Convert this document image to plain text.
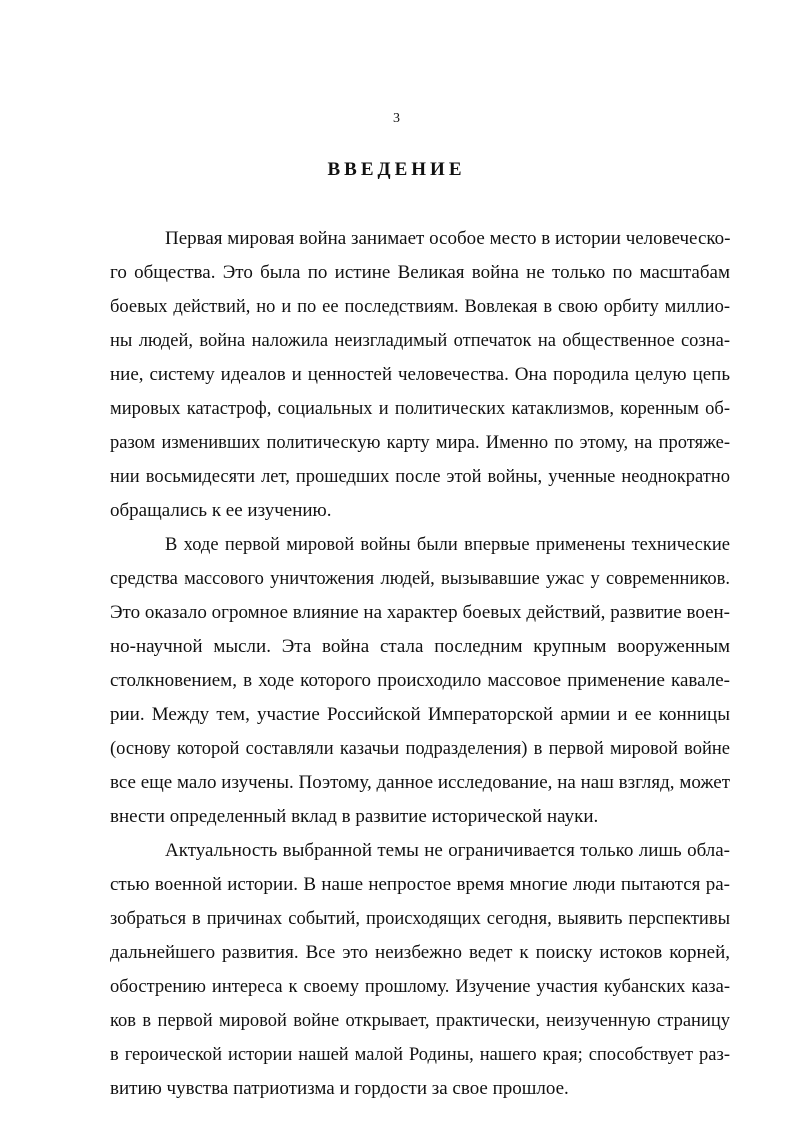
3
ВВЕДЕНИЕ
Первая мировая война занимает особое место в истории человеческо-
го общества. Это была по истине Великая война не только по масштабам
боевых действий, но и по ее последствиям. Вовлекая в свою орбиту миллио-
ны людей, война наложила неизгладимый отпечаток на общественное созна-
ние, систему идеалов и ценностей человечества. Она породила целую цепь
мировых катастроф, социальных и политических катаклизмов, коренным об-
разом изменивших политическую карту мира. Именно по этому, на протяже-
нии восьмидесяти лет, прошедших после этой войны, ученные неоднократно
обращались к ее изучению.
В ходе первой мировой войны были впервые применены технические
средства массового уничтожения людей, вызывавшие ужас у современников.
Это оказало огромное влияние на характер боевых действий, развитие воен-
но-научной мысли. Эта война стала последним крупным вооруженным
столкновением, в ходе которого происходило массовое применение кавале-
рии. Между тем, участие Российской Императорской армии и ее конницы
(основу которой составляли казачьи подразделения) в первой мировой войне
все еще мало изучены. Поэтому, данное исследование, на наш взгляд, может
внести определенный вклад в развитие исторической науки.
Актуальность выбранной темы не ограничивается только лишь обла-
стью военной истории. В наше непростое время многие люди пытаются ра-
зобраться в причинах событий, происходящих сегодня, выявить перспективы
дальнейшего развития. Все это неизбежно ведет к поиску истоков корней,
обострению интереса к своему прошлому. Изучение участия кубанских каза-
ков в первой мировой войне открывает, практически, неизученную страницу
в героической истории нашей малой Родины, нашего края; способствует раз-
витию чувства патриотизма и гордости за свое прошлое.
